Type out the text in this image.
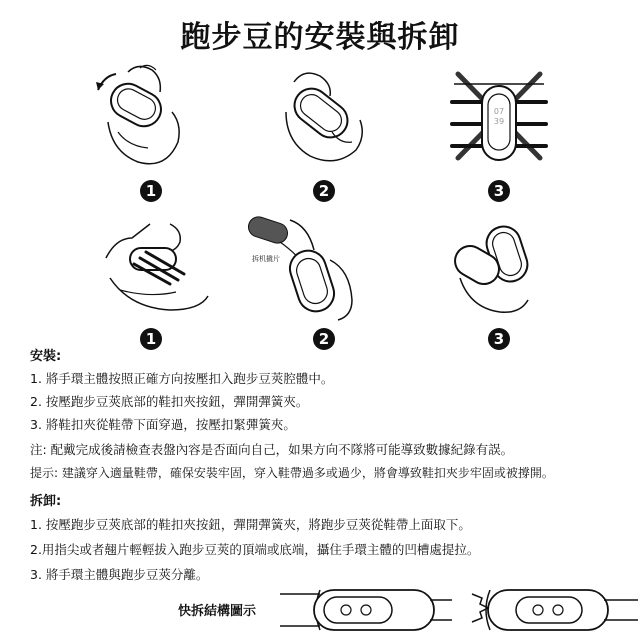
跑步豆的安裝與拆卸
07
39
1	2	3
拆机撬片
1	2	3
安裝:
1. 將手環主體按照正確方向按壓扣入跑步豆莢腔體中。
2. 按壓跑步豆莢底部的鞋扣夾按鈕，彈開彈簧夾。
3. 將鞋扣夾從鞋帶下面穿過，按壓扣緊彈簧夾。
注: 配戴完成後請檢查表盤內容是否面向自己，如果方向不隊將可能導致數據紀錄有誤。
提示: 建議穿入適量鞋帶，確保安裝牢固，穿入鞋帶過多或過少，將會導致鞋扣夾步牢固或被撐開。
拆卸:
1. 按壓跑步豆莢底部的鞋扣夾按鈕，彈開彈簧夾，將跑步豆莢從鞋帶上面取下。
2.用指尖或者翹片輕輕拔入跑步豆莢的頂端或底端，攝住手環主體的凹槽處提拉。
3. 將手環主體與跑步豆莢分離。
快拆結構圖示
